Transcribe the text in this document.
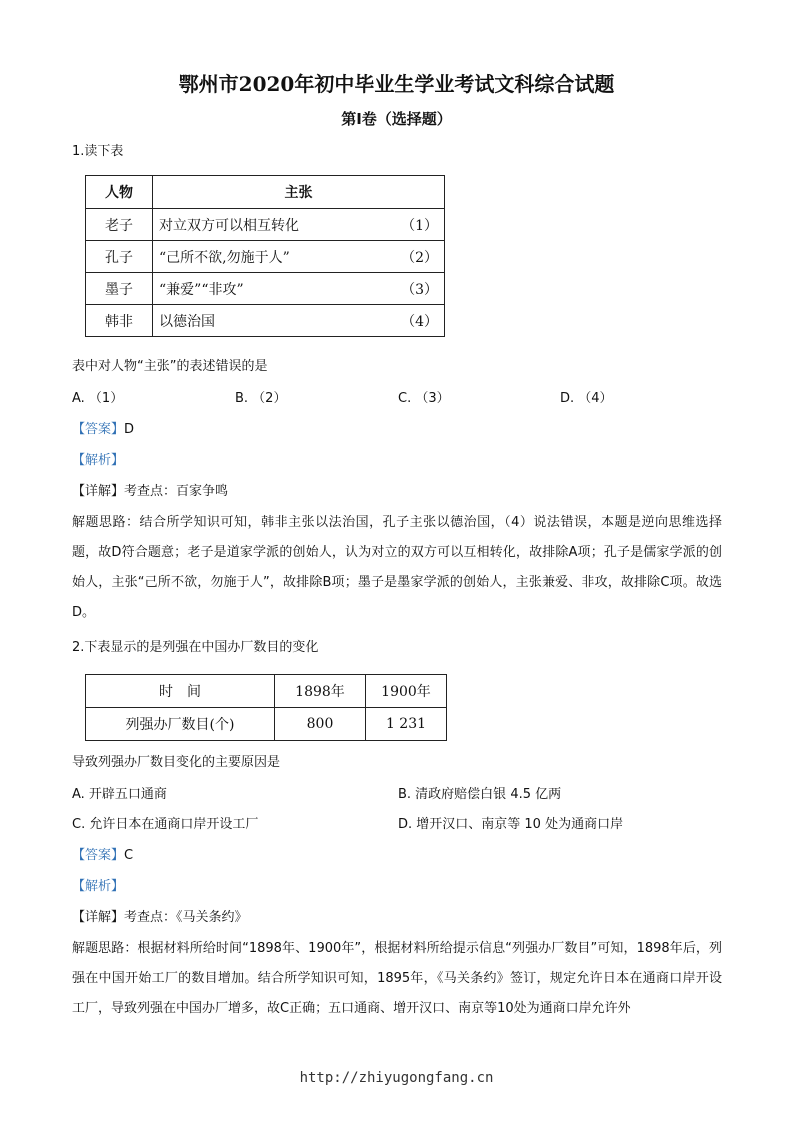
鄂州市2020年初中毕业生学业考试文科综合试题
第Ⅰ卷（选择题）
1.读下表
人物	主张
老子	对立双方可以相互转化 （1）

孔子	“己所不欲,勿施于人” （2）

墨子	“兼爱”“非攻” （3）

韩非	以德治国 （4）
表中对人物“主张”的表述错误的是
A. （1）	B. （2）	C. （3）	D. （4）
【答案】D
【解析】
【详解】考查点：百家争鸣
解题思路：结合所学知识可知，韩非主张以法治国，孔子主张以德治国，（4）说法错误，本题是逆向思维选择题，故D符合题意；老子是道家学派的创始人，认为对立的双方可以互相转化，故排除A项；孔子是儒家学派的创始人，主张“己所不欲，勿施于人”，故排除B项；墨子是墨家学派的创始人，主张兼爱、非攻，故排除C项。故选D。
2.下表显示的是列强在中国办厂数目的变化
时　间	1898年	1900年
列强办厂数目(个)	800	1 231
导致列强办厂数目变化的主要原因是
A. 开辟五口通商	B. 清政府赔偿白银 4.5 亿两
C. 允许日本在通商口岸开设工厂	D. 增开汉口、南京等 10 处为通商口岸
【答案】C
【解析】
【详解】考查点：《马关条约》
解题思路：根据材料所给时间“1898年、1900年”，根据材料所给提示信息“列强办厂数目”可知，1898年后，列强在中国开始工厂的数目增加。结合所学知识可知，1895年，《马关条约》签订，规定允许日本在通商口岸开设工厂，导致列强在中国办厂增多，故C正确；五口通商、增开汉口、南京等10处为通商口岸允许外
http://zhiyugongfang.cn
